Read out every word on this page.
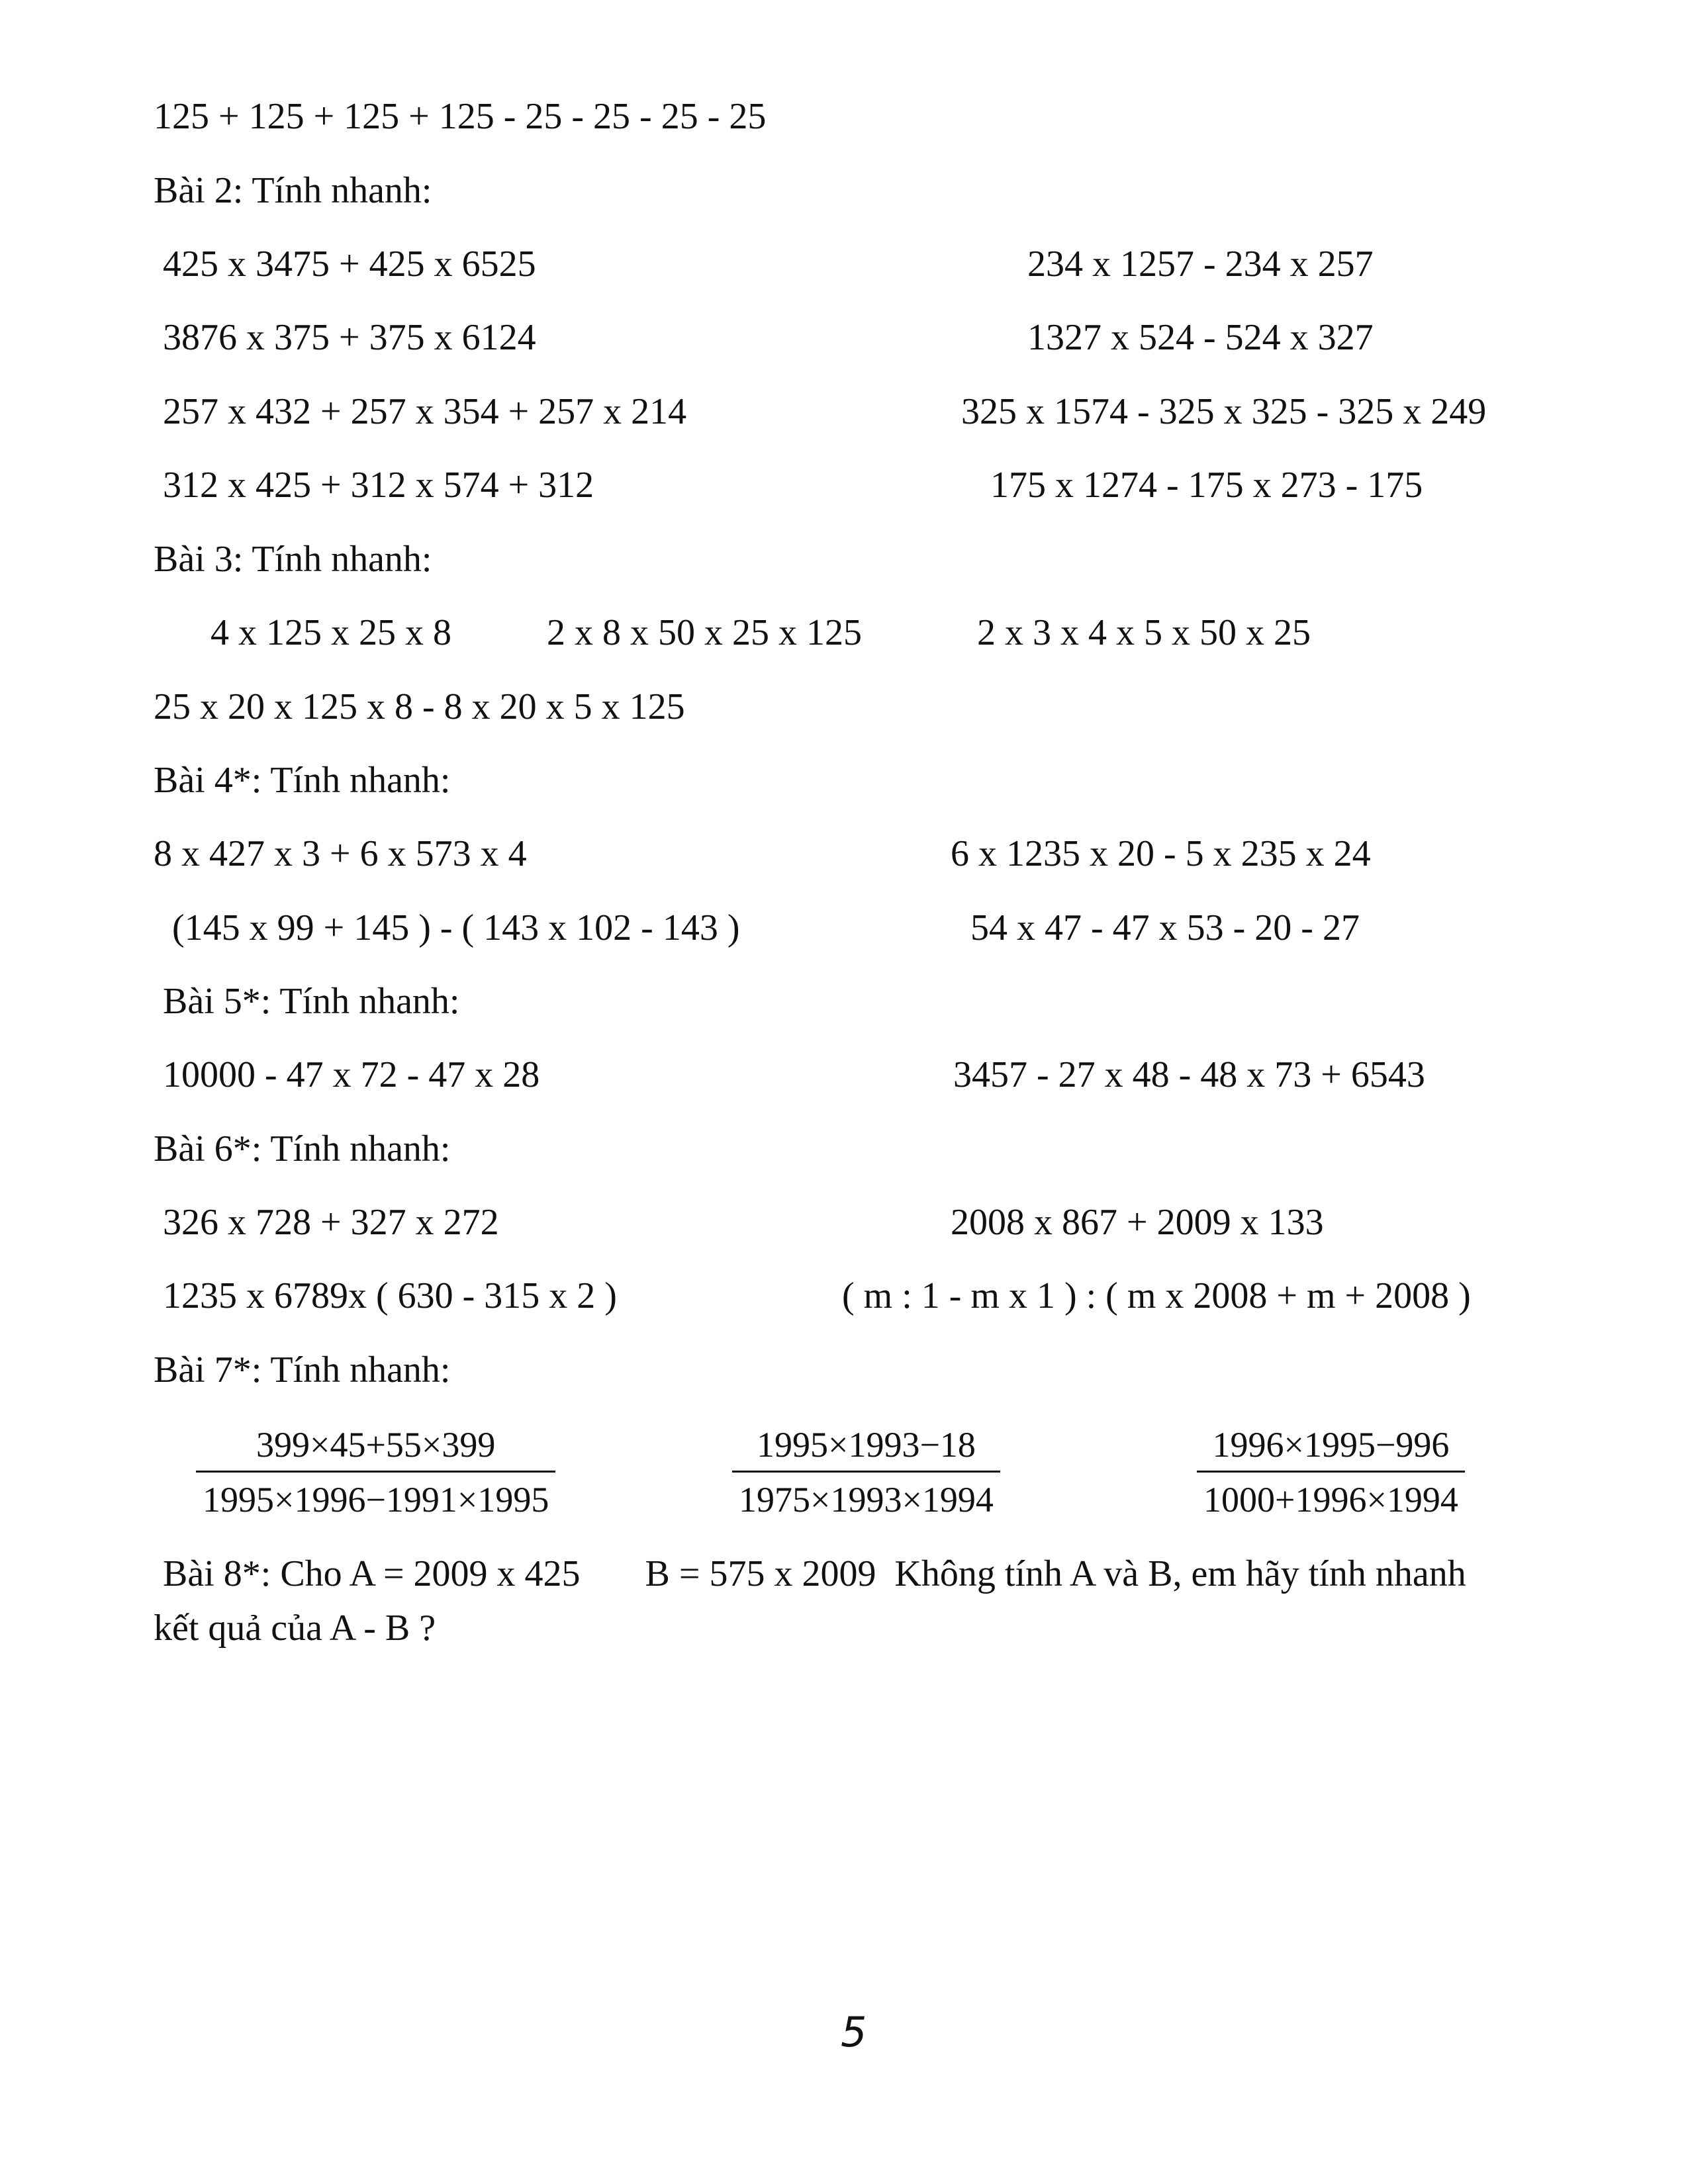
125 + 125 + 125 + 125 - 25 - 25 - 25 - 25
Bài 2: Tính nhanh:
425 x 3475 + 425 x 6525	234 x 1257 - 234 x 257
3876 x 375 + 375 x 6124	1327 x 524 - 524 x 327
257 x 432 + 257 x 354 + 257 x 214	325 x 1574 - 325 x 325 - 325 x 249
312 x 425 + 312 x 574 + 312	175 x 1274 - 175 x 273 - 175
Bài 3: Tính nhanh:
4 x 125 x 25 x 8	2 x 8 x 50 x 25 x 125	2 x 3 x 4 x 5 x 50 x 25
25 x 20 x 125 x 8 - 8 x 20 x 5 x 125
Bài 4*: Tính nhanh:
8 x 427 x 3 + 6 x 573 x 4	6 x 1235 x 20 - 5 x 235 x 24
(145 x 99 + 145 ) - ( 143 x 102 - 143 )	54 x 47 - 47 x 53 - 20 - 27
Bài 5*: Tính nhanh:
10000 - 47 x 72 - 47 x 28	3457 - 27 x 48 - 48 x 73 + 6543
Bài 6*: Tính nhanh:
326 x 728 + 327 x 272	2008 x 867 + 2009 x 133
1235 x 6789x ( 630 - 315 x 2 )	( m : 1 - m x 1 ) : ( m x 2008 + m + 2008 )
Bài 7*: Tính nhanh:
399×45+55×399
1995×1996−1991×1995
1995×1993−18
1975×1993×1994
1996×1995−996
1000+1996×1994
Bài 8*: Cho A = 2009 x 425       B = 575 x 2009  Không tính A và B, em hãy tính nhanh
kết quả của A - B ?
5
